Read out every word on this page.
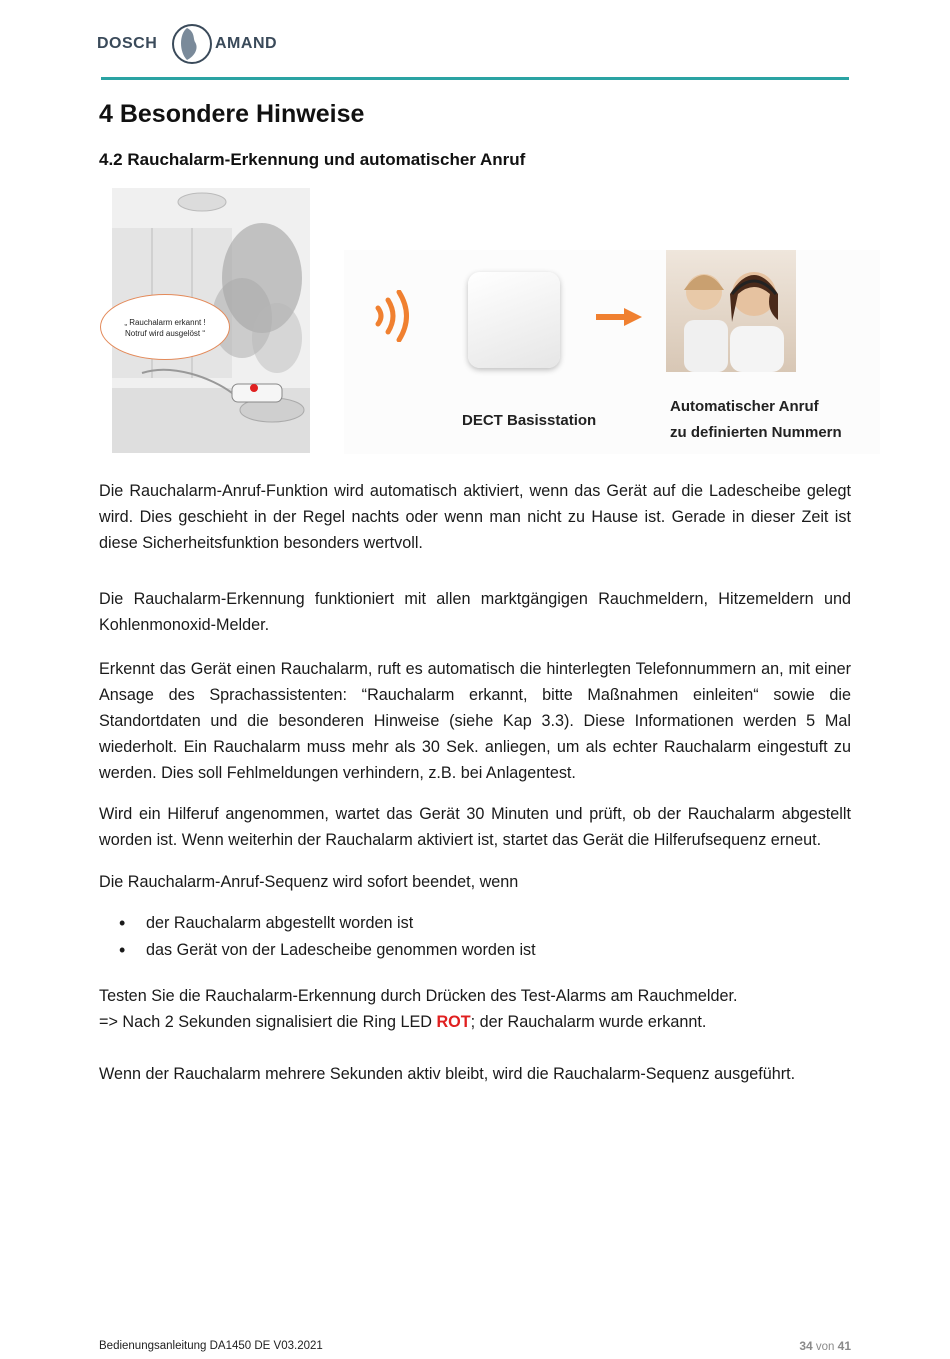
DOSCH	AMAND
4 Besondere Hinweise
4.2 Rauchalarm-Erkennung und automatischer Anruf
„ Rauchalarm erkannt !
Notruf wird ausgelöst “
DECT Basisstation
Automatischer Anruf
zu definierten Nummern

Die Rauchalarm-Anruf-Funktion wird automatisch aktiviert, wenn das Gerät auf die Ladescheibe gelegt wird. Dies geschieht in der Regel nachts oder wenn man nicht zu Hause ist. Gerade in dieser Zeit ist diese Sicherheitsfunktion besonders wertvoll.

Die Rauchalarm-Erkennung funktioniert mit allen marktgängigen Rauchmeldern, Hitzemeldern und Kohlenmonoxid-Melder.

Erkennt das Gerät einen Rauchalarm, ruft es automatisch die hinterlegten Telefonnummern an, mit einer Ansage des Sprachassistenten: “Rauchalarm erkannt, bitte Maßnahmen einleiten“ sowie die Standortdaten und die besonderen Hinweise (siehe Kap 3.3). Diese Informationen werden 5 Mal wiederholt. Ein Rauchalarm muss mehr als 30 Sek. anliegen, um als echter Rauchalarm eingestuft zu werden. Dies soll Fehlmeldungen verhindern, z.B. bei Anlagentest.

Wird ein Hilferuf angenommen, wartet das Gerät 30 Minuten und prüft, ob der Rauchalarm abgestellt worden ist. Wenn weiterhin der Rauchalarm aktiviert ist, startet das Gerät die Hilferufsequenz erneut.

Die Rauchalarm-Anruf-Sequenz wird sofort beendet, wenn

• der Rauchalarm abgestellt worden ist
• das Gerät von der Ladescheibe genommen worden ist

Testen Sie die Rauchalarm-Erkennung durch Drücken des Test-Alarms am Rauchmelder.

=> Nach 2 Sekunden signalisiert die Ring LED ROT; der Rauchalarm wurde erkannt.

Wenn der Rauchalarm mehrere Sekunden aktiv bleibt, wird die Rauchalarm-Sequenz ausgeführt.

Bedienungsanleitung DA1450 DE V03.2021	34 von 41
